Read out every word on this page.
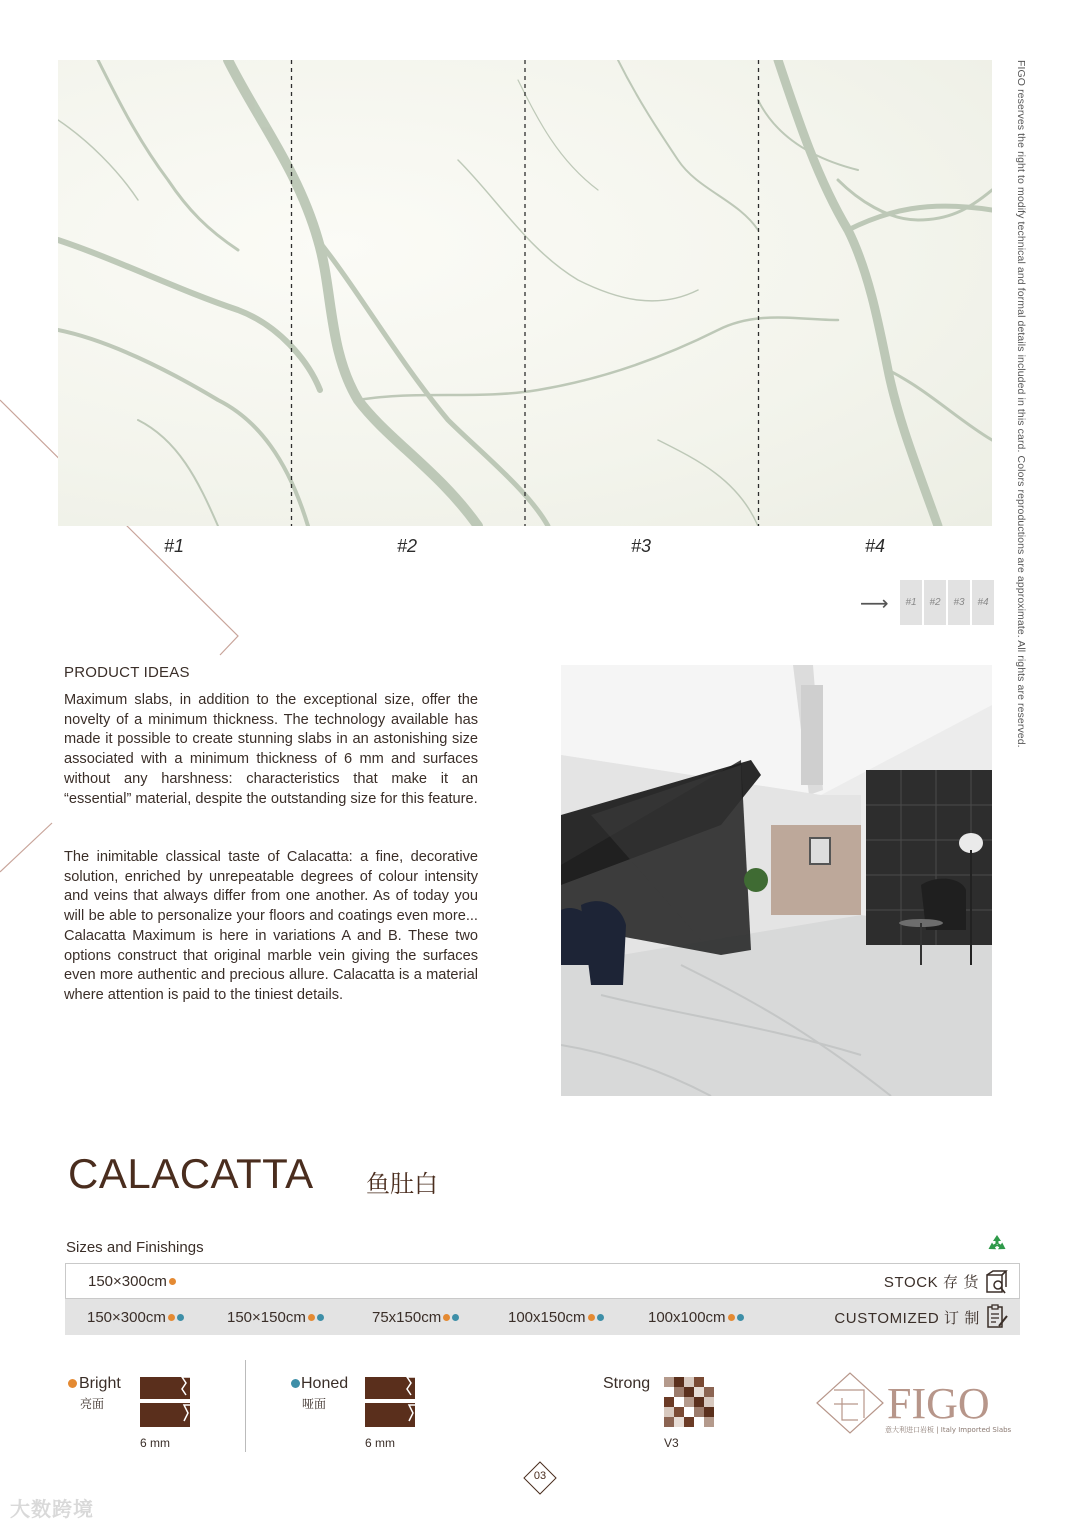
#1	#2	#3	#4	FIGO reserves the right to modify technical and formal details included in this card. Colors reproductions are approximate. All rights are reserved.
⟶	#1	#2	#3	#4
PRODUCT IDEAS
Maximum slabs, in addition to the exceptional size, offer the novelty of a minimum thickness. The technology available has made it possible to create stunning slabs in an astonishing size associated with a minimum thickness of 6 mm and surfaces without any harshness: characteristics that make it an “essential” material, despite the outstanding size for this feature.
The inimitable classical taste of Calacatta: a fine, decorative solution, enriched by unrepeatable degrees of colour intensity and veins that always differ from one another. As of today you will be able to personalize your floors and coatings even more... Calacatta Maximum is here in variations A and B. These two options construct that original marble vein giving the surfaces even more authentic and precious allure. Calacatta is a material where attention is paid to the tiniest details.
CALACATTA 鱼肚白
Sizes and Finishings
150×300cm	STOCK 存 货
150×300cm	150×150cm	75x150cm	100x150cm	100x100cm	CUSTOMIZED 订 制
Bright
亮面
6 mm
Honed
哑面
6 mm
Strong
V3
FIGO
意大利进口岩板 | Italy Imported Slabs
03
大数跨境
